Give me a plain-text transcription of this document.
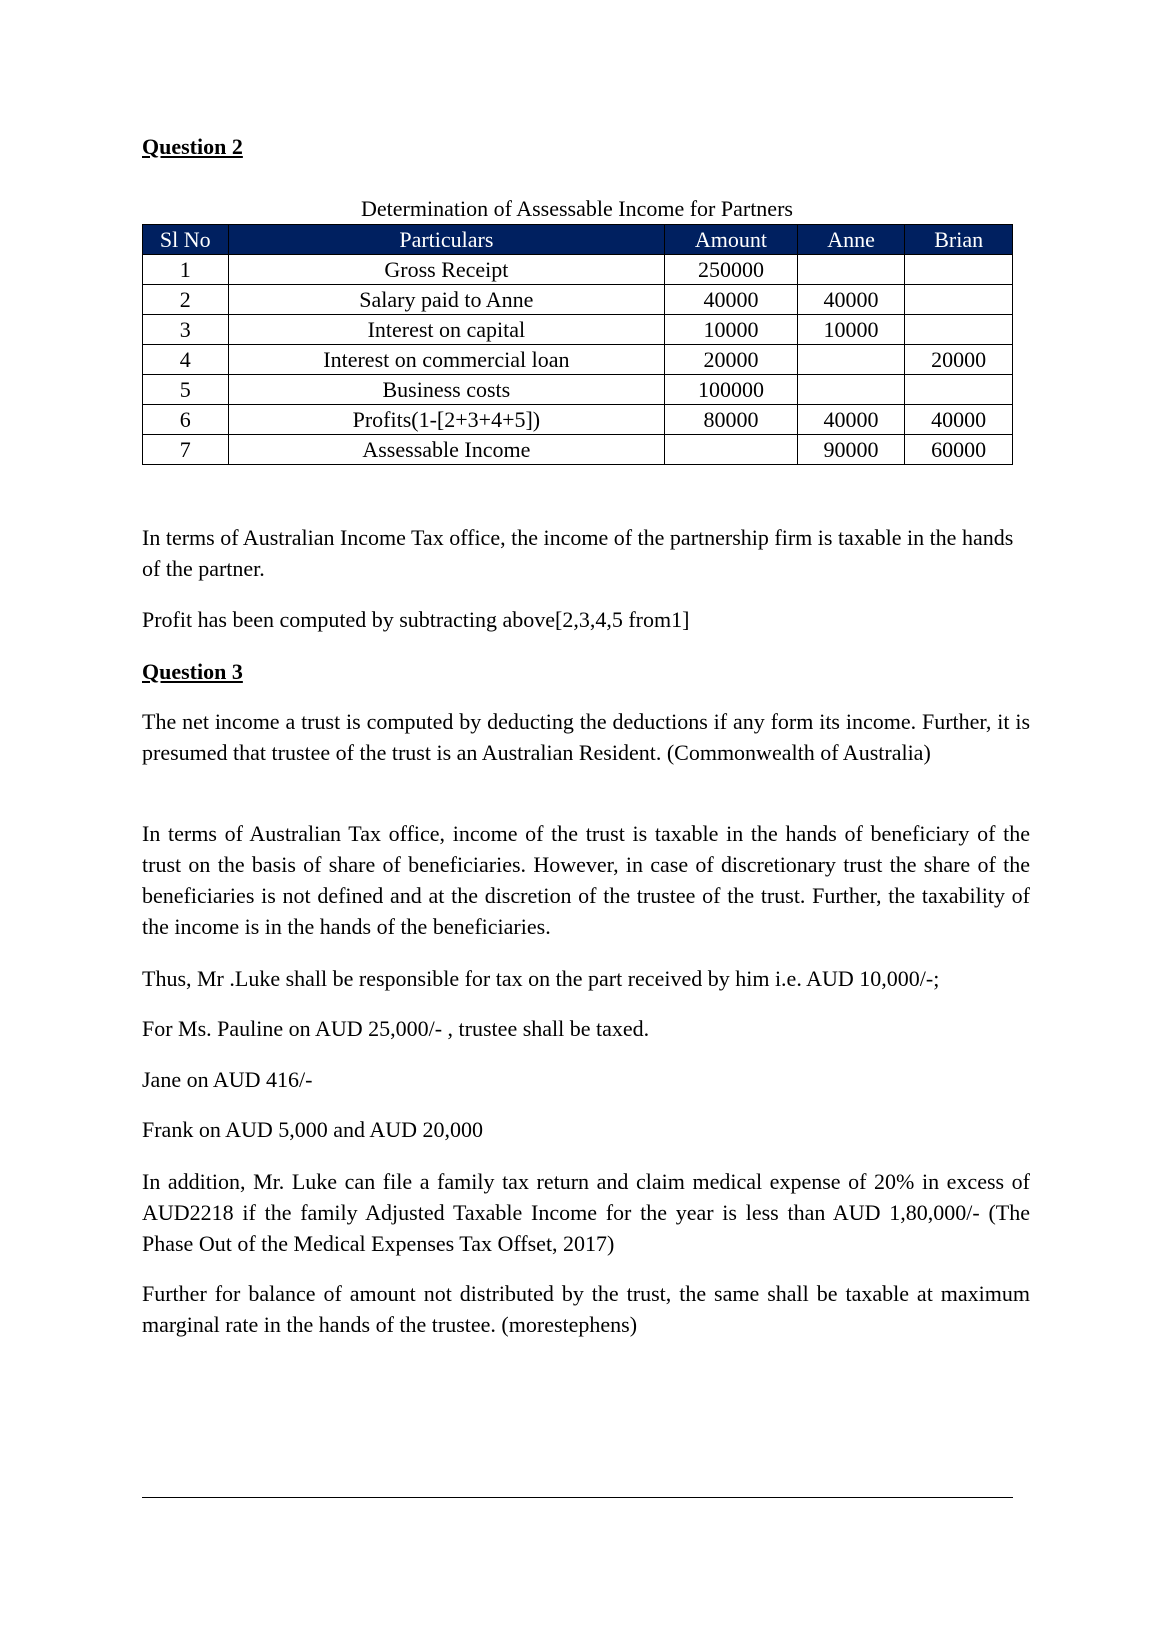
Question 2
Determination of Assessable Income for Partners
Sl No	Particulars	Amount	Anne	Brian
1	Gross Receipt	250000		
2	Salary paid to Anne	40000	40000	
3	Interest on capital	10000	10000	
4	Interest on commercial loan	20000		20000
5	Business costs	100000		
6	Profits(1-[2+3+4+5])	80000	40000	40000
7	Assessable Income		90000	60000
In terms of Australian Income Tax office, the income of the partnership firm is taxable in the hands of the partner.
Profit has been computed by subtracting above[2,3,4,5 from1]
Question 3
The net income a trust is computed by deducting the deductions if any form its income. Further, it is presumed that trustee of the trust is an Australian Resident. (Commonwealth of Australia)
In terms of Australian Tax office, income of the trust is taxable in the hands of beneficiary of the trust on the basis of share of beneficiaries. However, in case of discretionary trust the share of the beneficiaries is not defined and at the discretion of the trustee of the trust. Further, the taxability of the income is in the hands of the beneficiaries.
Thus, Mr .Luke shall be responsible for tax on the part received by him i.e. AUD 10,000/-;
For Ms. Pauline on AUD 25,000/- , trustee shall be taxed.
Jane on AUD 416/-
Frank on AUD 5,000 and AUD 20,000
In addition, Mr. Luke can file a family tax return and claim medical expense of 20% in excess of AUD2218 if the family Adjusted Taxable Income for the year is less than AUD 1,80,000/- (The Phase Out of the Medical Expenses Tax Offset, 2017)
Further for balance of amount not distributed by the trust, the same shall be taxable at maximum marginal rate in the hands of the trustee. (morestephens)
